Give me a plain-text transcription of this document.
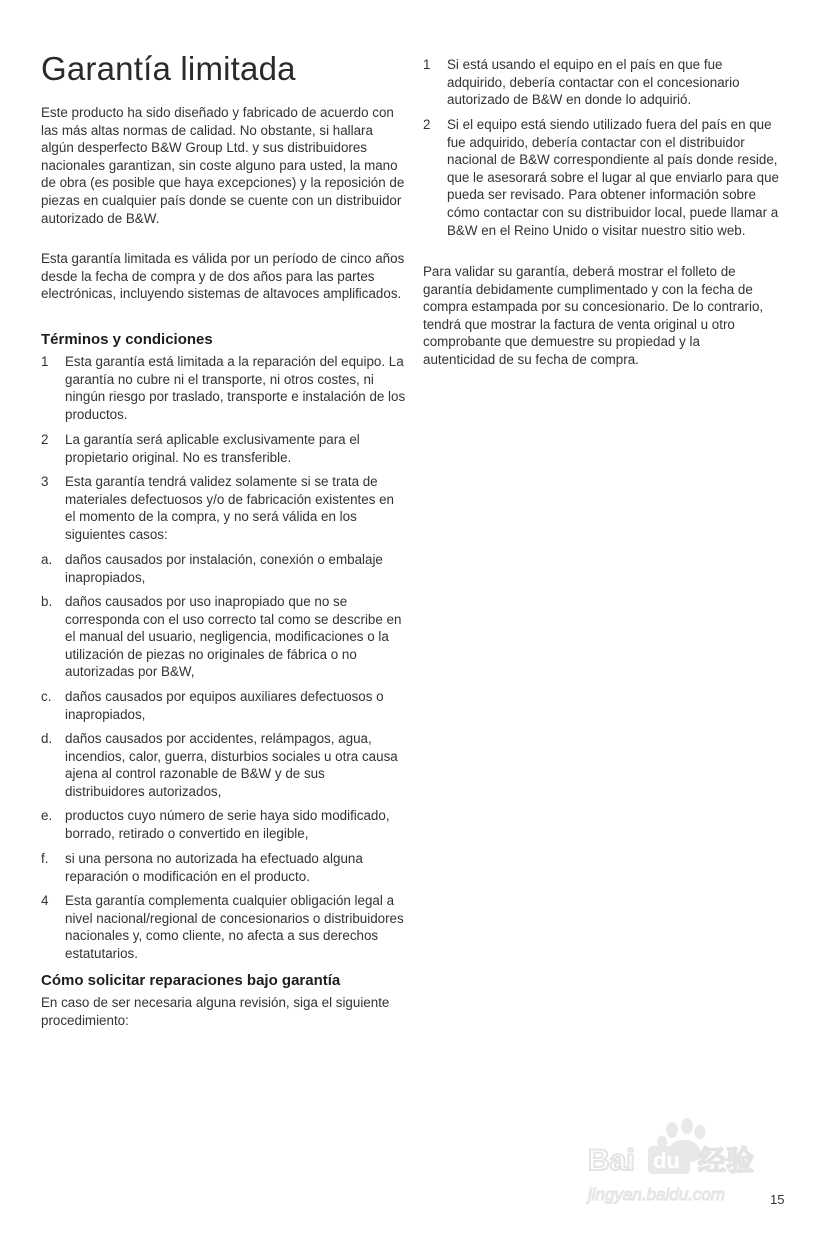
Garantía limitada

Este producto ha sido diseñado y fabricado de acuerdo con las más altas normas de calidad. No obstante, si hallara algún desperfecto B&W Group Ltd. y sus distribuidores nacionales garantizan, sin coste alguno para usted, la mano de obra (es posible que haya excepciones) y la reposición de piezas en cualquier país donde se cuente con un distribuidor autorizado de B&W.

Esta garantía limitada es válida por un período de cinco años desde la fecha de compra y de dos años para las partes electrónicas, incluyendo sistemas de altavoces amplificados.

Términos y condiciones
1	Esta garantía está limitada a la reparación del equipo. La garantía no cubre ni el transporte, ni otros costes, ni ningún riesgo por traslado, transporte e instalación de los productos.
2	La garantía será aplicable exclusivamente para el propietario original. No es transferible.
3	Esta garantía tendrá validez solamente si se trata de materiales defectuosos y/o de fabricación existentes en el momento de la compra, y no será válida en los siguientes casos:
a. daños causados por instalación, conexión o embalaje inapropiados,
b. daños causados por uso inapropiado que no se corresponda con el uso correcto tal como se describe en el manual del usuario, negligencia, modificaciones o la utilización de piezas no originales de fábrica o no autorizadas por B&W,
c.	daños causados por equipos auxiliares defectuosos o inapropiados,
d. daños causados por accidentes, relámpagos, agua, incendios, calor, guerra, disturbios sociales u otra causa ajena al control razonable de B&W y de sus distribuidores autorizados,
e. productos cuyo número de serie haya sido modificado, borrado, retirado o convertido en ilegible,
f.	si una persona no autorizada ha efectuado alguna reparación o modificación en el producto.
4	Esta garantía complementa cualquier obligación legal a nivel nacional/regional de concesionarios o distribuidores nacionales y, como cliente, no afecta a sus derechos estatutarios.
Cómo solicitar reparaciones bajo garantía

En caso de ser necesaria alguna revisión, siga el siguiente procedimiento:

1	Si está usando el equipo en el país en que fue adquirido, debería contactar con el concesionario autorizado de B&W en donde lo adquirió.
2	Si el equipo está siendo utilizado fuera del país en que fue adquirido, debería contactar con el distribuidor nacional de B&W correspondiente al país donde reside, que le asesorará sobre el lugar al que enviarlo para que pueda ser revisado. Para obtener información sobre cómo contactar con su distribuidor local, puede llamar a B&W en el Reino Unido o visitar nuestro sitio web.

Para validar su garantía, deberá mostrar el folleto de garantía debidamente cumplimentado y con la fecha de compra estampada por su concesionario. De lo contrario, tendrá que mostrar la factura de venta original u otro comprobante que demuestre su propiedad y la autenticidad de su fecha de compra.

Bai du 经验
jingyan.baidu.com	15
